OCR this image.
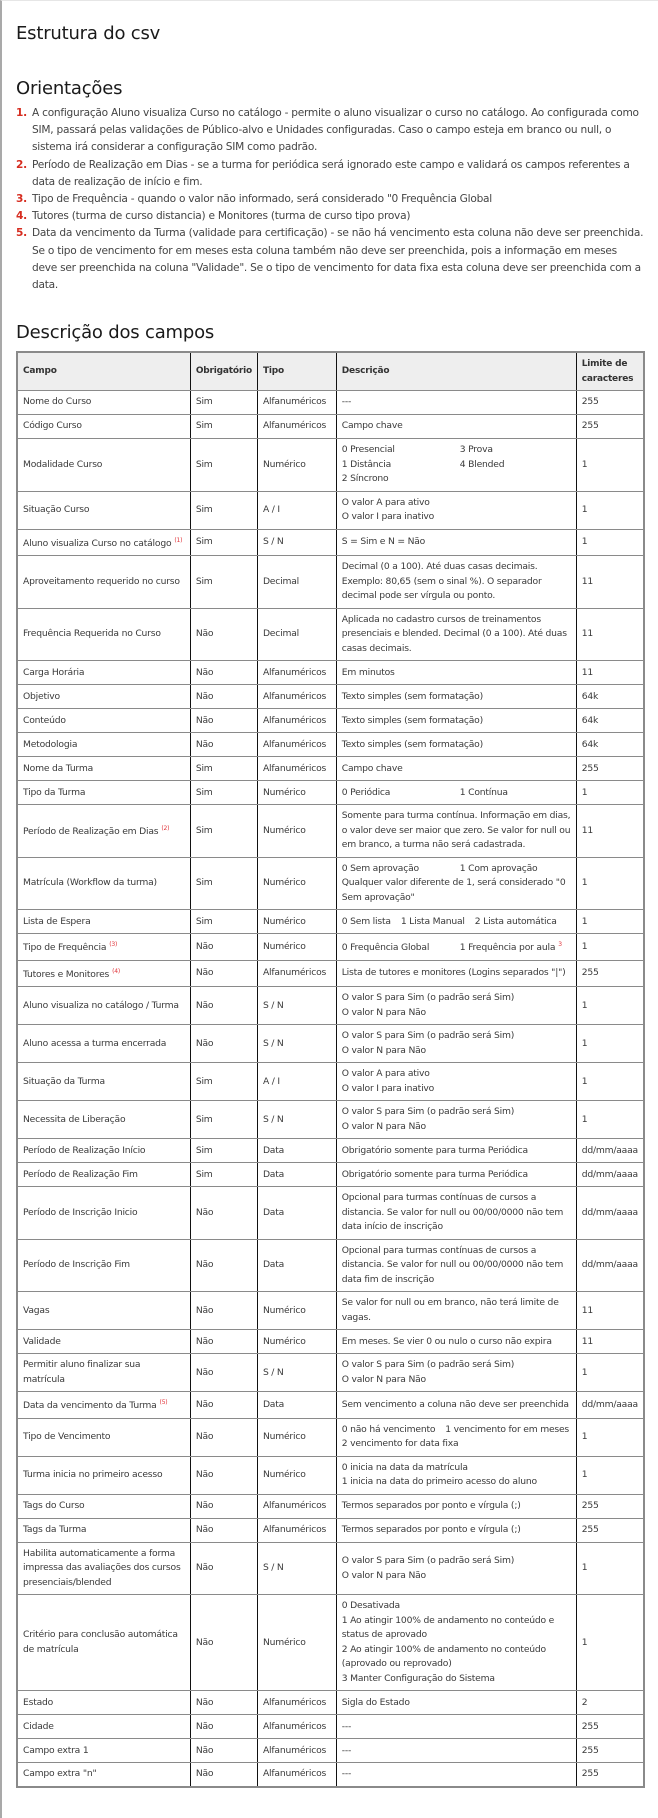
Estrutura do csv
Orientações
1. A configuração Aluno visualiza Curso no catálogo - permite o aluno visualizar o curso no catálogo. Ao configurada como SIM, passará pelas validações de Público-alvo e Unidades configuradas. Caso o campo esteja em branco ou null, o sistema irá considerar a configuração SIM como padrão.
2. Período de Realização em Dias - se a turma for periódica será ignorado este campo e validará os campos referentes a data de realização de início e fim.
3. Tipo de Frequência - quando o valor não informado, será considerado "0 Frequência Global
4. Tutores (turma de curso distancia) e Monitores (turma de curso tipo prova)
5. Data da vencimento da Turma (validade para certificação) - se não há vencimento esta coluna não deve ser preenchida. Se o tipo de vencimento for em meses esta coluna também não deve ser preenchida, pois a informação em meses deve ser preenchida na coluna "Validade". Se o tipo de vencimento for data fixa esta coluna deve ser preenchida com a data.
Descrição dos campos
Campo	Obrigatório	Tipo	Descrição	Limite de caracteres
Nome do Curso	Sim	Alfanuméricos	---	255
Código Curso	Sim	Alfanuméricos	Campo chave	255
Modalidade Curso	Sim	Numérico	0 Presencial 3 Prova
1 Distância 4 Blended
2 Síncrono	1
Situação Curso	Sim	A / I	O valor A para ativo
O valor I para inativo	1
Aluno visualiza Curso no catálogo $^{(1)}$	Sim	S / N	S = Sim e N = Não	1
Aproveitamento requerido no curso	Sim	Decimal	Decimal (0 a 100). Até duas casas decimais. Exemplo: 80,65 (sem o sinal %). O separador decimal pode ser vírgula ou ponto.	11
Frequência Requerida no Curso	Não	Decimal	Aplicada no cadastro cursos de treinamentos presenciais e blended. Decimal (0 a 100). Até duas casas decimais.	11
Carga Horária	Não	Alfanuméricos	Em minutos	11
Objetivo	Não	Alfanuméricos	Texto simples (sem formatação)	64k
Conteúdo	Não	Alfanuméricos	Texto simples (sem formatação)	64k
Metodologia	Não	Alfanuméricos	Texto simples (sem formatação)	64k
Nome da Turma	Sim	Alfanuméricos	Campo chave	255
Tipo da Turma	Sim	Numérico	0 Periódica 1 Contínua	1
Período de Realização em Dias $^{(2)}$	Sim	Numérico	Somente para turma contínua. Informação em dias, o valor deve ser maior que zero. Se valor for null ou em branco, a turma não será cadastrada.	11
Matrícula (Workflow da turma)	Sim	Numérico	0 Sem aprovação 1 Com aprovação
Qualquer valor diferente de 1, será considerado "0 Sem aprovação"	1
Lista de Espera	Sim	Numérico	0 Sem lista 1 Lista Manual 2 Lista automática	1
Tipo de Frequência $^{(3)}$	Não	Numérico	0 Frequência Global 1 Frequência por aula $^3$	1
Tutores e Monitores $^{(4)}$	Não	Alfanuméricos	Lista de tutores e monitores (Logins separados "|")	255
Aluno visualiza no catálogo / Turma	Não	S / N	O valor S para Sim (o padrão será Sim)
O valor N para Não	1
Aluno acessa a turma encerrada	Não	S / N	O valor S para Sim (o padrão será Sim)
O valor N para Não	1
Situação da Turma	Sim	A / I	O valor A para ativo
O valor I para inativo	1
Necessita de Liberação	Sim	S / N	O valor S para Sim (o padrão será Sim)
O valor N para Não	1
Período de Realização Início	Sim	Data	Obrigatório somente para turma Periódica	dd/mm/aaaa
Período de Realização Fim	Sim	Data	Obrigatório somente para turma Periódica	dd/mm/aaaa
Período de Inscrição Inicio	Não	Data	Opcional para turmas contínuas de cursos a distancia. Se valor for null ou 00/00/0000 não tem data início de inscrição	dd/mm/aaaa
Período de Inscrição Fim	Não	Data	Opcional para turmas contínuas de cursos a distancia. Se valor for null ou 00/00/0000 não tem data fim de inscrição	dd/mm/aaaa
Vagas	Não	Numérico	Se valor for null ou em branco, não terá limite de vagas.	11
Validade	Não	Numérico	Em meses. Se vier 0 ou nulo o curso não expira	11
Permitir aluno finalizar sua matrícula	Não	S / N	O valor S para Sim (o padrão será Sim)
O valor N para Não	1
Data da vencimento da Turma $^{(5)}$	Não	Data	Sem vencimento a coluna não deve ser preenchida	dd/mm/aaaa
Tipo de Vencimento	Não	Numérico	0 não há vencimento 1 vencimento for em meses
2 vencimento for data fixa	1
Turma inicia no primeiro acesso	Não	Numérico	0 inicia na data da matrícula
1 inicia na data do primeiro acesso do aluno	1
Tags do Curso	Não	Alfanuméricos	Termos separados por ponto e vírgula (;)	255
Tags da Turma	Não	Alfanuméricos	Termos separados por ponto e vírgula (;)	255
Habilita automaticamente a forma impressa das avaliações dos cursos presenciais/blended	Não	S / N	O valor S para Sim (o padrão será Sim)
O valor N para Não	1
Critério para conclusão automática de matrícula	Não	Numérico	0 Desativada
1 Ao atingir 100% de andamento no conteúdo e status de aprovado
2 Ao atingir 100% de andamento no conteúdo (aprovado ou reprovado)
3 Manter Configuração do Sistema	1
Estado	Não	Alfanuméricos	Sigla do Estado	2
Cidade	Não	Alfanuméricos	---	255
Campo extra 1	Não	Alfanuméricos	---	255
Campo extra "n"	Não	Alfanuméricos	---	255
